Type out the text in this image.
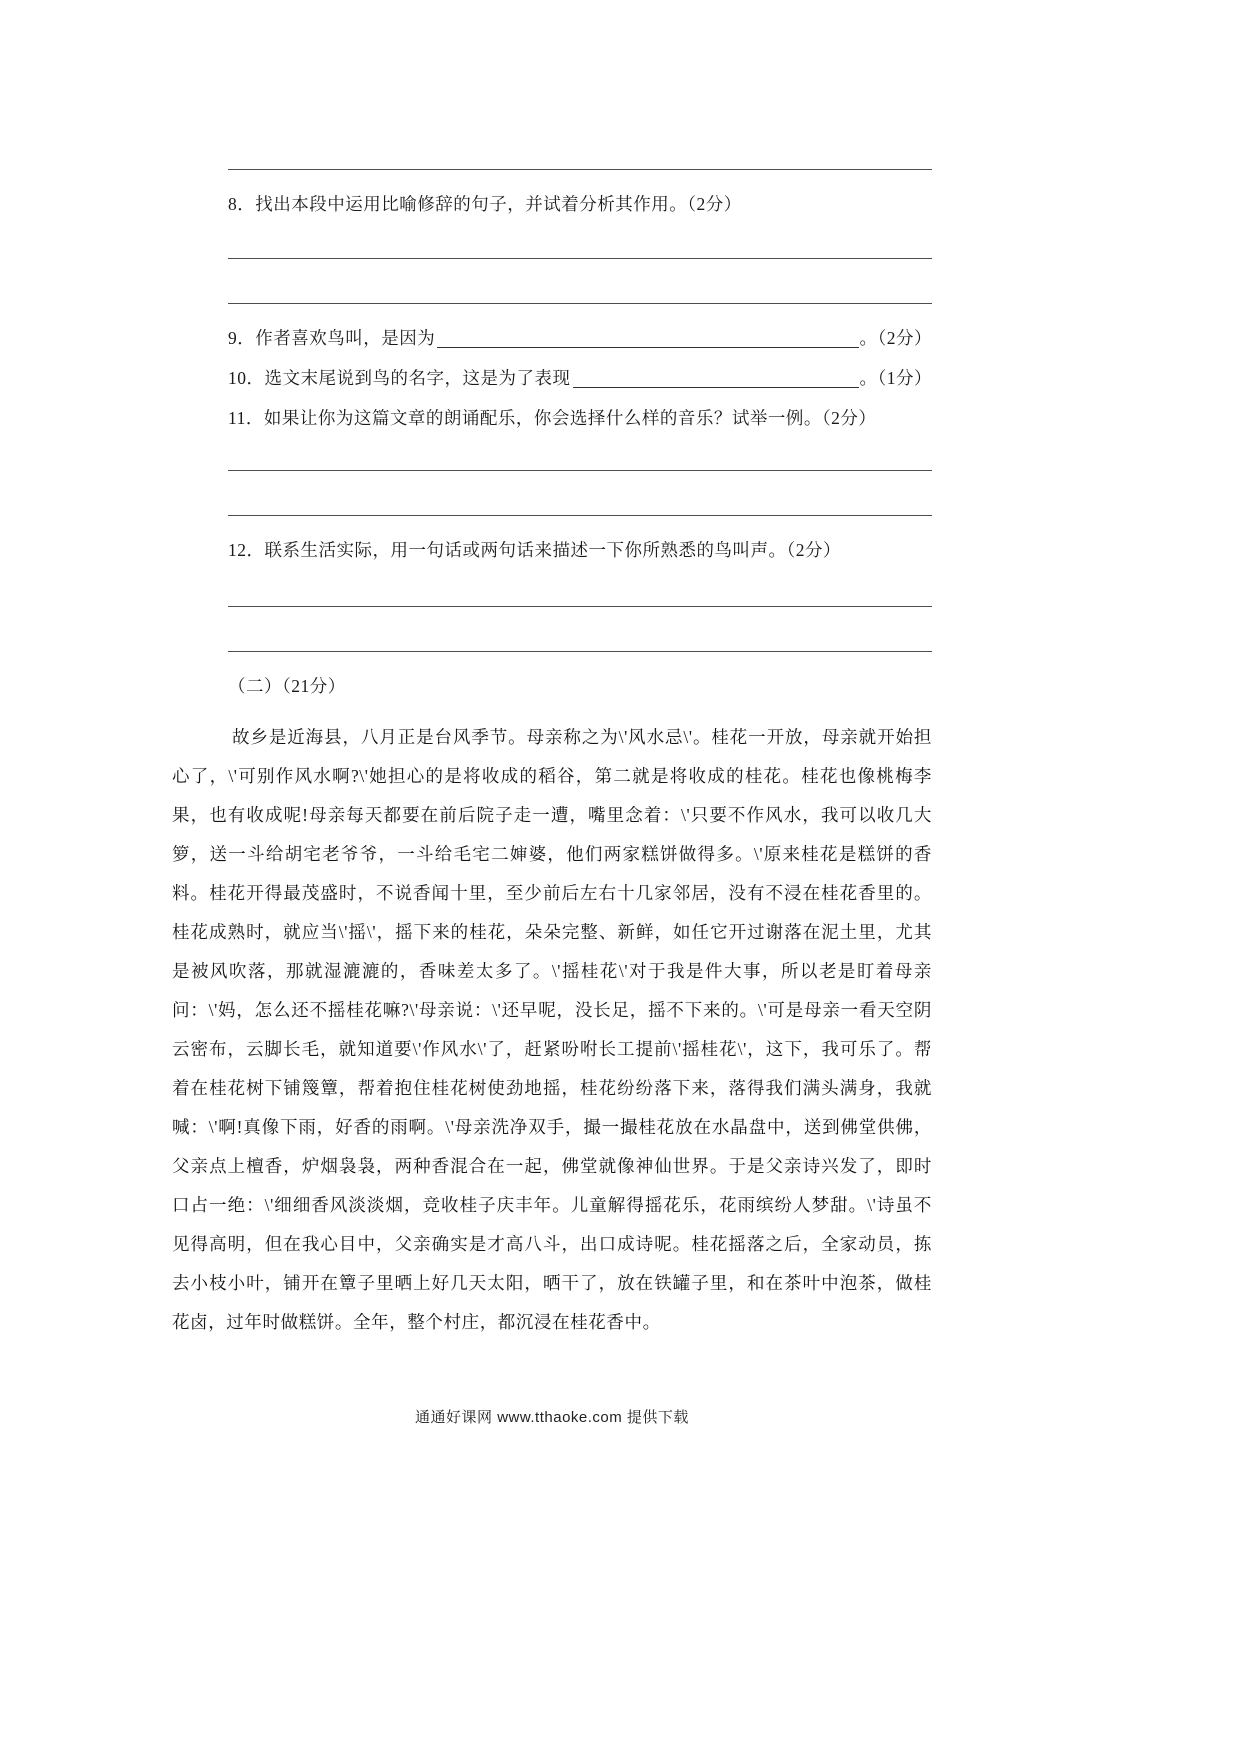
8．找出本段中运用比喻修辞的句子，并试着分析其作用。（2分）

9．作者喜欢鸟叫，是因为	。（2分）

10．选文末尾说到鸟的名字，这是为了表现	。（1分）

11．如果让你为这篇文章的朗诵配乐，你会选择什么样的音乐？试举一例。（2分）

12．联系生活实际，用一句话或两句话来描述一下你所熟悉的鸟叫声。（2分）

（二）（21分）

故乡是近海县，八月正是台风季节。母亲称之为\'风水忌\'。桂花一开放，母亲就开始担心了，\'可别作风水啊?\'她担心的是将收成的稻谷，第二就是将收成的桂花。桂花也像桃梅李果，也有收成呢!母亲每天都要在前后院子走一遭，嘴里念着：\'只要不作风水，我可以收几大箩，送一斗给胡宅老爷爷，一斗给毛宅二婶婆，他们两家糕饼做得多。\'原来桂花是糕饼的香料。桂花开得最茂盛时，不说香闻十里，至少前后左右十几家邻居，没有不浸在桂花香里的。桂花成熟时，就应当\'摇\'，摇下来的桂花，朵朵完整、新鲜，如任它开过谢落在泥土里，尤其是被风吹落，那就湿漉漉的，香味差太多了。\'摇桂花\'对于我是件大事，所以老是盯着母亲问：\'妈，怎么还不摇桂花嘛?\'母亲说：\'还早呢，没长足，摇不下来的。\'可是母亲一看天空阴云密布，云脚长毛，就知道要\'作风水\'了，赶紧吩咐长工提前\'摇桂花\'，这下，我可乐了。帮着在桂花树下铺篾簟，帮着抱住桂花树使劲地摇，桂花纷纷落下来，落得我们满头满身，我就喊：\'啊!真像下雨，好香的雨啊。\'母亲洗净双手，撮一撮桂花放在水晶盘中，送到佛堂供佛，父亲点上檀香，炉烟袅袅，两种香混合在一起，佛堂就像神仙世界。于是父亲诗兴发了，即时口占一绝：\'细细香风淡淡烟，竞收桂子庆丰年。儿童解得摇花乐，花雨缤纷人梦甜。\'诗虽不见得高明，但在我心目中，父亲确实是才高八斗，出口成诗呢。桂花摇落之后，全家动员，拣去小枝小叶，铺开在簟子里晒上好几天太阳，晒干了，放在铁罐子里，和在茶叶中泡茶，做桂花卤，过年时做糕饼。全年，整个村庄，都沉浸在桂花香中。

通通好课网 www.tthaoke.com 提供下载
